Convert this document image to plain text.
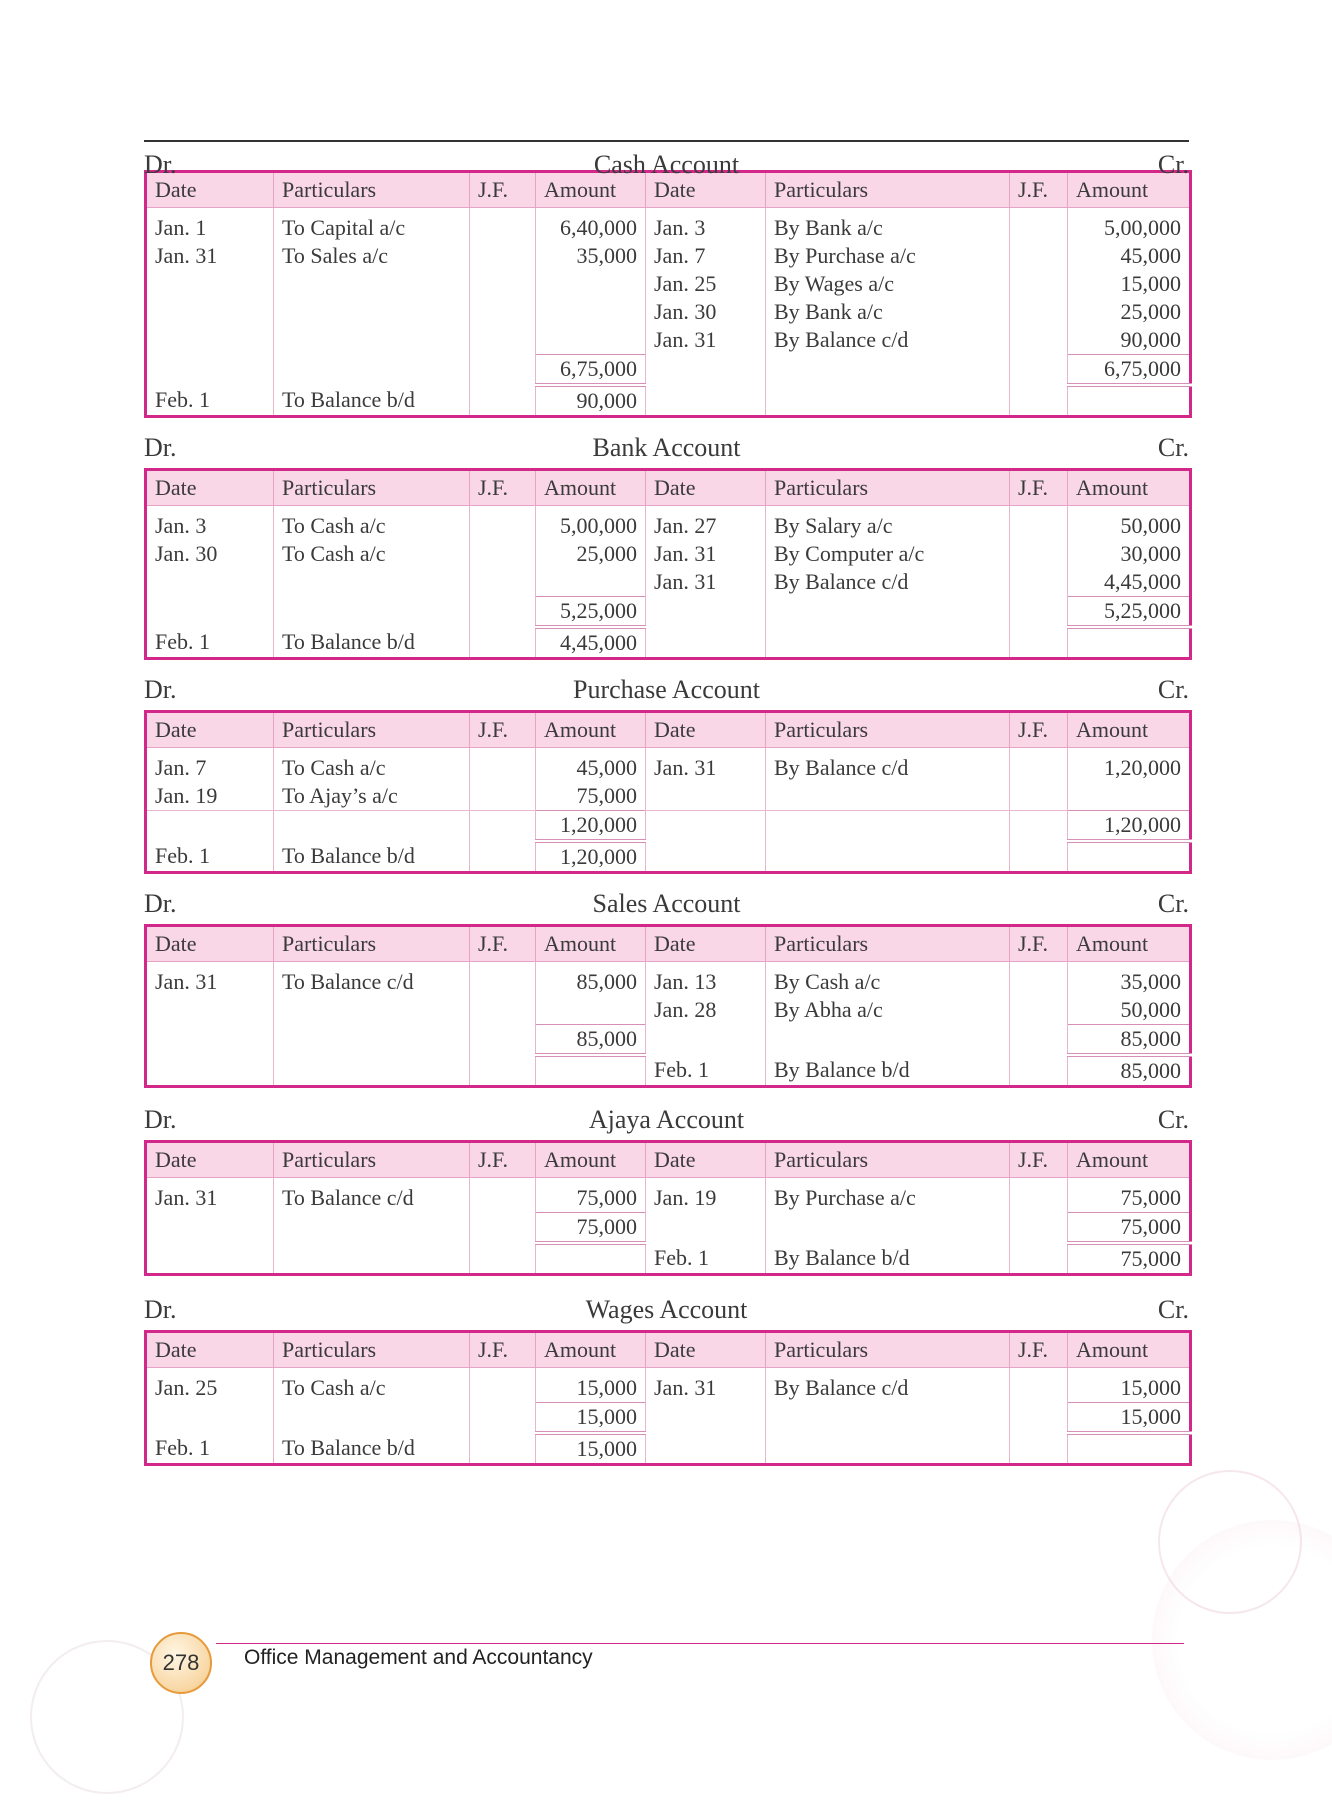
Dr.	Cash Account	Cr.
Date	Particulars	J.F.	Amount	Date	Particulars	J.F.	Amount
Jan. 1	To Capital a/c		6,40,000	Jan. 3	By Bank a/c		5,00,000
Jan. 31	To Sales a/c		35,000	Jan. 7	By Purchase a/c		45,000
				Jan. 25	By Wages a/c		15,000
				Jan. 30	By Bank a/c		25,000
				Jan. 31	By Balance c/d		90,000
			6,75,000				6,75,000
Feb. 1	To Balance b/d		90,000				
Dr.	Bank Account	Cr.
Date	Particulars	J.F.	Amount	Date	Particulars	J.F.	Amount
Jan. 3	To Cash a/c		5,00,000	Jan. 27	By Salary a/c		50,000
Jan. 30	To Cash a/c		25,000	Jan. 31	By Computer a/c		30,000
				Jan. 31	By Balance c/d		4,45,000
			5,25,000				5,25,000
Feb. 1	To Balance b/d		4,45,000				
Dr.	Purchase Account	Cr.
Date	Particulars	J.F.	Amount	Date	Particulars	J.F.	Amount
Jan. 7	To Cash a/c		45,000	Jan. 31	By Balance c/d		1,20,000
Jan. 19	To Ajay’s a/c		75,000				
			1,20,000				1,20,000
Feb. 1	To Balance b/d		1,20,000				
Dr.	Sales Account	Cr.
Date	Particulars	J.F.	Amount	Date	Particulars	J.F.	Amount
Jan. 31	To Balance c/d		85,000	Jan. 13	By Cash a/c		35,000
				Jan. 28	By Abha a/c		50,000
			85,000				85,000
				Feb. 1	By Balance b/d		85,000
Dr.	Ajaya Account	Cr.
Date	Particulars	J.F.	Amount	Date	Particulars	J.F.	Amount
Jan. 31	To Balance c/d		75,000	Jan. 19	By Purchase a/c		75,000
			75,000				75,000
				Feb. 1	By Balance b/d		75,000
Dr.	Wages Account	Cr.
Date	Particulars	J.F.	Amount	Date	Particulars	J.F.	Amount
Jan. 25	To Cash a/c		15,000	Jan. 31	By Balance c/d		15,000
			15,000				15,000
Feb. 1	To Balance b/d		15,000				
278	Office Management and Accountancy
